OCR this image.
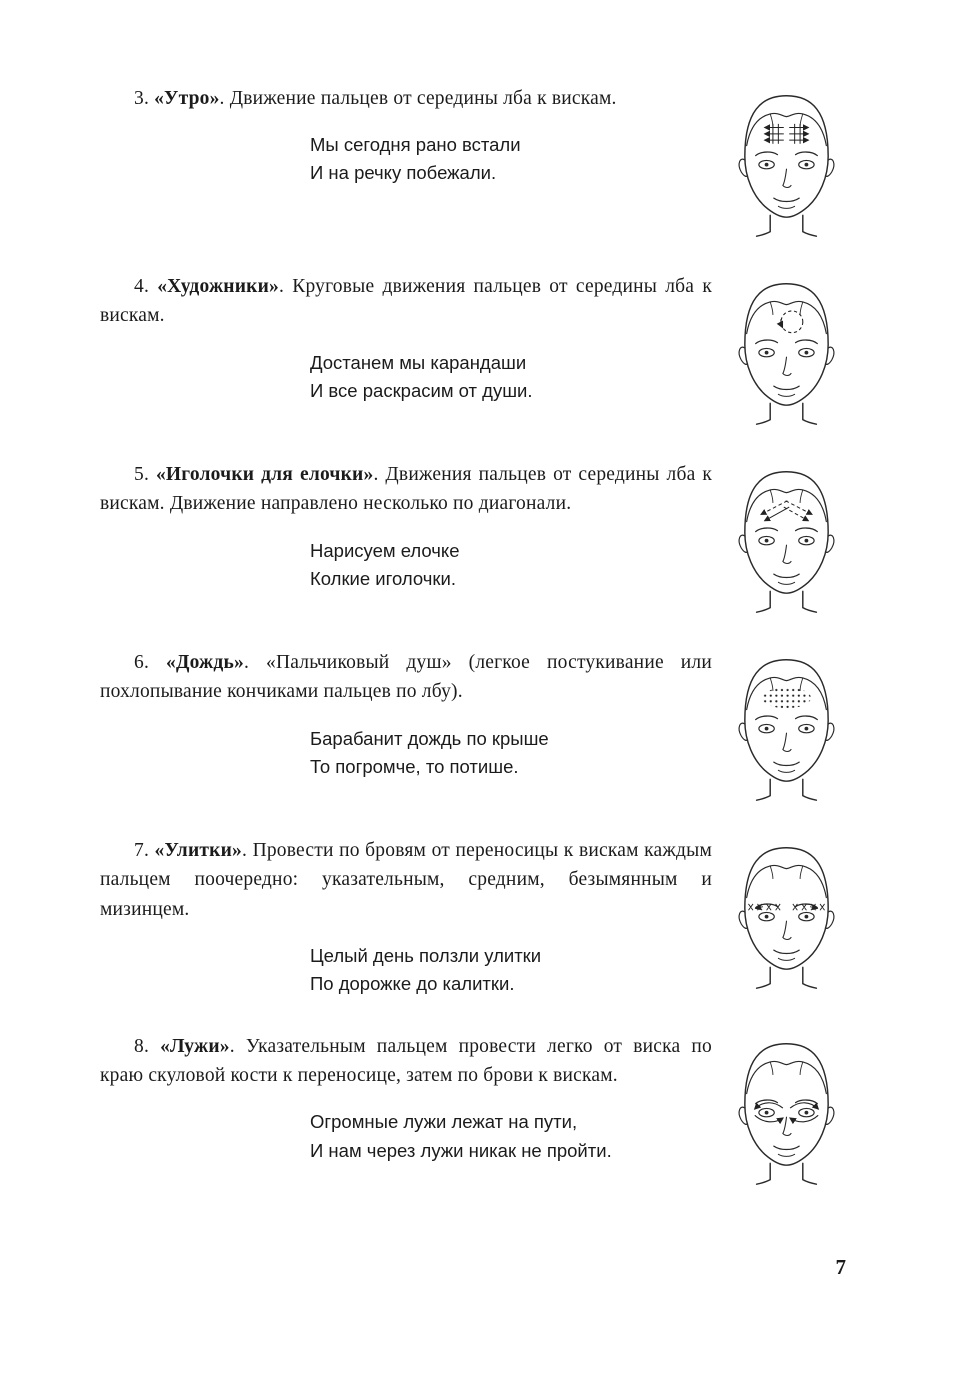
3. «Утро». Движение пальцев от середины лба к вискам.

Мы сегодня рано встали
И на речку побежали.

4. «Художники». Круговые движения пальцев от середины лба к вискам.

Достанем мы карандаши
И все раскрасим от души.

5. «Иголочки для елочки». Движения пальцев от середины лба к вискам. Движение направлено несколько по диагонали.

Нарисуем елочке
Колкие иголочки.

6. «Дождь». «Пальчиковый душ» (легкое постукивание или похлопывание кончиками пальцев по лбу).

Барабанит дождь по крыше
То погромче, то потише.

7. «Улитки». Провести по бровям от переносицы к вискам каждым пальцем поочередно: указательным, средним, безымянным и мизинцем.

Целый день ползли улитки
По дорожке до калитки.

8. «Лужи». Указательным пальцем провести легко от виска по краю скуловой кости к переносице, затем по брови к вискам.

Огромные лужи лежат на пути,
И нам через лужи никак не пройти.
7
